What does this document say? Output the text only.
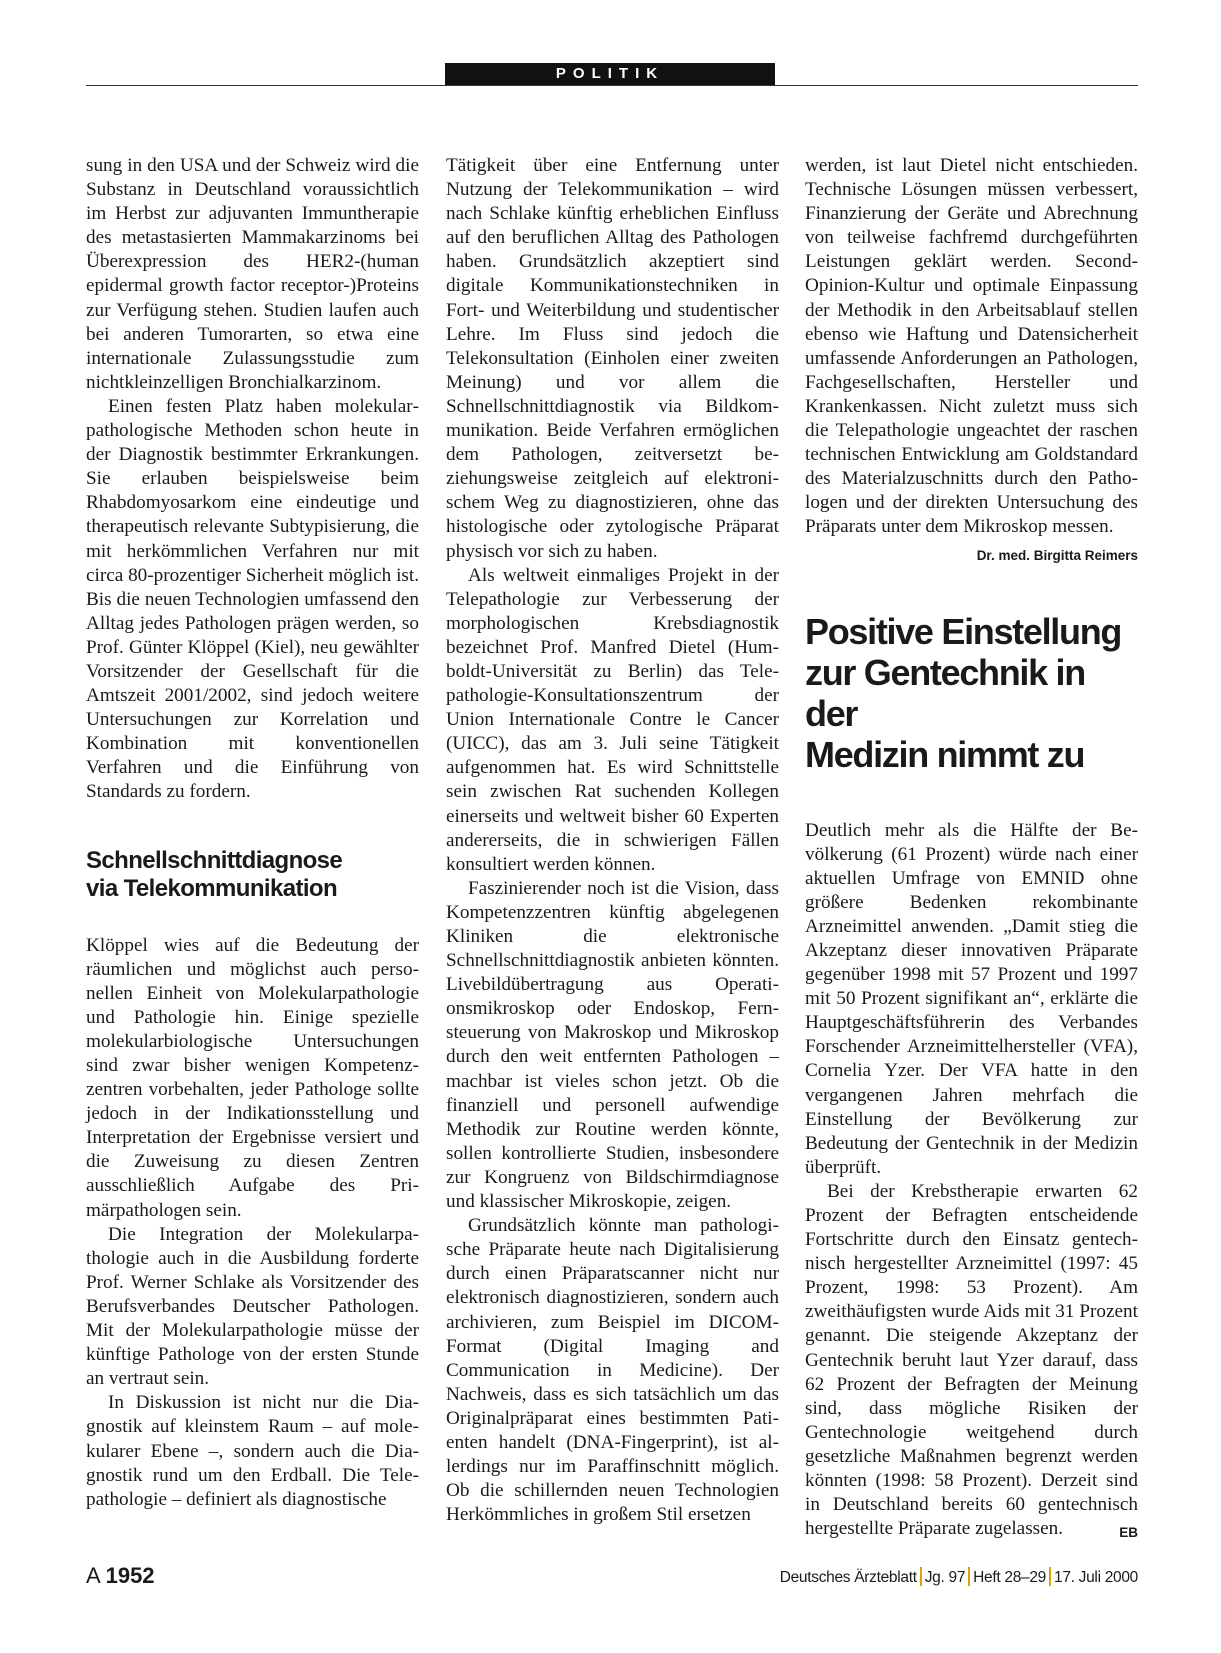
POLITIK

sung in den USA und der Schweiz wird die Substanz in Deutschland voraussichtlich im Herbst zur adjuvanten Immuntherapie des metastasierten Mammakarzinoms bei Überexpression des HER2-(human epidermal growth factor receptor-)Proteins zur Verfügung stehen. Studien laufen auch bei anderen Tumorarten, so etwa eine internationale Zulassungsstudie zum nichtkleinzelligen Bronchialkarzinom.

Einen festen Platz haben molekularpathologische Methoden schon heute in der Diagnostik bestimmter Erkrankungen. Sie erlauben beispielsweise beim Rhabdomyosarkom eine eindeutige und therapeutisch relevante Subtypisierung, die mit herkömmlichen Verfahren nur mit circa 80-prozentiger Sicherheit möglich ist. Bis die neuen Technologien umfassend den Alltag jedes Pathologen prägen werden, so Prof. Günter Klöppel (Kiel), neu gewählter Vorsitzender der Gesellschaft für die Amtszeit 2001/2002, sind jedoch weitere Untersuchungen zur Korrelation und Kombination mit konventionellen Verfahren und die Einführung von Standards zu fordern.

Schnellschnittdiagnose
via Telekommunikation

Klöppel wies auf die Bedeutung der räumlichen und möglichst auch personellen Einheit von Molekularpathologie und Pathologie hin. Einige spezielle molekularbiologische Untersuchungen sind zwar bisher wenigen Kompetenzzentren vorbehalten, jeder Pathologe sollte jedoch in der Indikationsstellung und Interpretation der Ergebnisse versiert und die Zuweisung zu diesen Zentren ausschließlich Aufgabe des Primärpathologen sein.

Die Integration der Molekularpathologie auch in die Ausbildung forderte Prof. Werner Schlake als Vorsitzender des Berufsverbandes Deutscher Pathologen. Mit der Molekularpathologie müsse der künftige Pathologe von der ersten Stunde an vertraut sein.

In Diskussion ist nicht nur die Diagnostik auf kleinstem Raum – auf molekularer Ebene –, sondern auch die Diagnostik rund um den Erdball. Die Telepathologie – definiert als diagnostische

Tätigkeit über eine Entfernung unter Nutzung der Telekommunikation – wird nach Schlake künftig erheblichen Einfluss auf den beruflichen Alltag des Pathologen haben. Grundsätzlich akzeptiert sind digitale Kommunikationstechniken in Fort- und Weiterbildung und studentischer Lehre. Im Fluss sind jedoch die Telekonsultation (Einholen einer zweiten Meinung) und vor allem die Schnellschnittdiagnostik via Bildkommunikation. Beide Verfahren ermöglichen dem Pathologen, zeitversetzt beziehungsweise zeitgleich auf elektronischem Weg zu diagnostizieren, ohne das histologische oder zytologische Präparat physisch vor sich zu haben.

Als weltweit einmaliges Projekt in der Telepathologie zur Verbesserung der morphologischen Krebsdiagnostik bezeichnet Prof. Manfred Dietel (Humboldt-Universität zu Berlin) das Telepathologie-Konsultationszentrum der Union Internationale Contre le Cancer (UICC), das am 3. Juli seine Tätigkeit aufgenommen hat. Es wird Schnittstelle sein zwischen Rat suchenden Kollegen einerseits und weltweit bisher 60 Experten andererseits, die in schwierigen Fällen konsultiert werden können.

Faszinierender noch ist die Vision, dass Kompetenzzentren künftig abgelegenen Kliniken die elektronische Schnellschnittdiagnostik anbieten könnten. Livebildübertragung aus Operationsmikroskop oder Endoskop, Fernsteuerung von Makroskop und Mikroskop durch den weit entfernten Pathologen – machbar ist vieles schon jetzt. Ob die finanziell und personell aufwendige Methodik zur Routine werden könnte, sollen kontrollierte Studien, insbesondere zur Kongruenz von Bildschirmdiagnose und klassischer Mikroskopie, zeigen.

Grundsätzlich könnte man pathologische Präparate heute nach Digitalisierung durch einen Präparatscanner nicht nur elektronisch diagnostizieren, sondern auch archivieren, zum Beispiel im DICOM-Format (Digital Imaging and Communication in Medicine). Der Nachweis, dass es sich tatsächlich um das Originalpräparat eines bestimmten Patienten handelt (DNA-Fingerprint), ist allerdings nur im Paraffinschnitt möglich. Ob die schillernden neuen Technologien Herkömmliches in großem Stil ersetzen

werden, ist laut Dietel nicht entschieden. Technische Lösungen müssen verbessert, Finanzierung der Geräte und Abrechnung von teilweise fachfremd durchgeführten Leistungen geklärt werden. Second-Opinion-Kultur und optimale Einpassung der Methodik in den Arbeitsablauf stellen ebenso wie Haftung und Datensicherheit umfassende Anforderungen an Pathologen, Fachgesellschaften, Hersteller und Krankenkassen. Nicht zuletzt muss sich die Telepathologie ungeachtet der raschen technischen Entwicklung am Goldstandard des Materialzuschnitts durch den Pathologen und der direkten Untersuchung des Präparats unter dem Mikroskop messen.
Dr. med. Birgitta Reimers

Positive Einstellung
zur Gentechnik in der
Medizin nimmt zu

Deutlich mehr als die Hälfte der Bevölkerung (61 Prozent) würde nach einer aktuellen Umfrage von EMNID ohne größere Bedenken rekombinante Arzneimittel anwenden. „Damit stieg die Akzeptanz dieser innovativen Präparate gegenüber 1998 mit 57 Prozent und 1997 mit 50 Prozent signifikant an“, erklärte die Hauptgeschäftsführerin des Verbandes Forschender Arzneimittelhersteller (VFA), Cornelia Yzer. Der VFA hatte in den vergangenen Jahren mehrfach die Einstellung der Bevölkerung zur Bedeutung der Gentechnik in der Medizin überprüft.

Bei der Krebstherapie erwarten 62 Prozent der Befragten entscheidende Fortschritte durch den Einsatz gentechnisch hergestellter Arzneimittel (1997: 45 Prozent, 1998: 53 Prozent). Am zweithäufigsten wurde Aids mit 31 Prozent genannt. Die steigende Akzeptanz der Gentechnik beruht laut Yzer darauf, dass 62 Prozent der Befragten der Meinung sind, dass mögliche Risiken der Gentechnologie weitgehend durch gesetzliche Maßnahmen begrenzt werden könnten (1998: 58 Prozent). Derzeit sind in Deutschland bereits 60 gentechnisch hergestellte Präparate zugelassen.	EB

A 1952	Deutsches Ärzteblatt Jg. 97 Heft 28–29 17. Juli 2000
